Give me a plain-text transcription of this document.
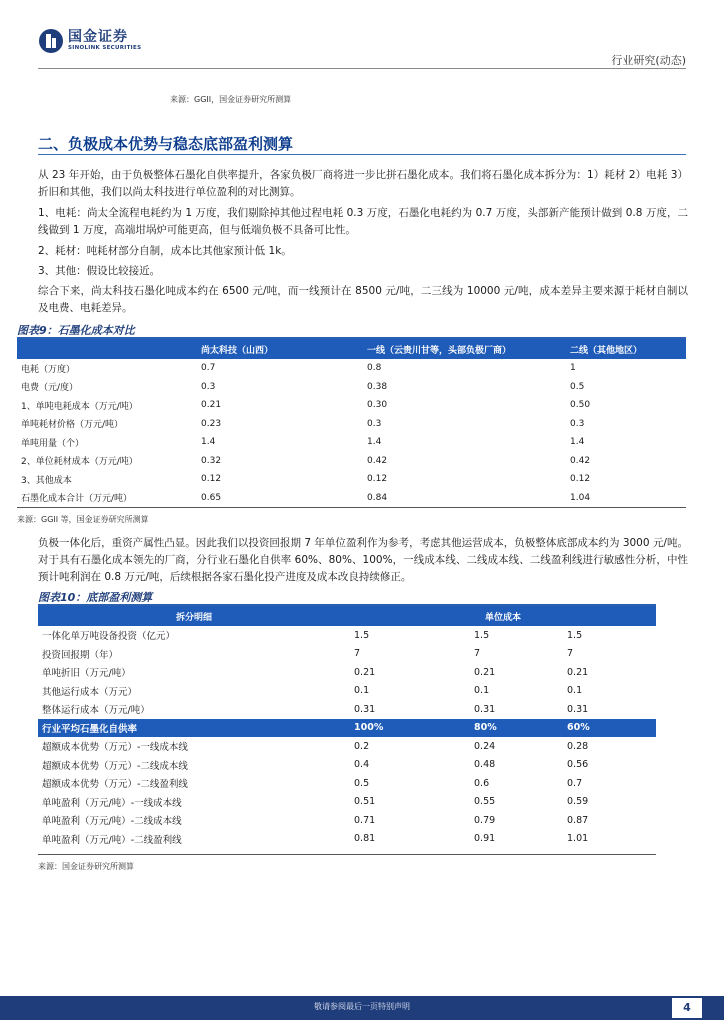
国金证券
SINOLINK SECURITIES
行业研究(动态)
来源：GGII，国金证券研究所测算
二、负极成本优势与稳态底部盈利测算
从 23 年开始，由于负极整体石墨化自供率提升，各家负极厂商将进一步比拼石墨化成本。我们将石墨化成本拆分为：1）耗材 2）电耗 3）折旧和其他，我们以尚太科技进行单位盈利的对比测算。
1、电耗：尚太全流程电耗约为 1 万度，我们剔除掉其他过程电耗 0.3 万度，石墨化电耗约为 0.7 万度，头部新产能预计做到 0.8 万度，二线做到 1 万度，高端坩埚炉可能更高，但与低端负极不具备可比性。
2、耗材：吨耗材部分自制，成本比其他家预计低 1k。
3、其他：假设比较接近。
综合下来，尚太科技石墨化吨成本约在 6500 元/吨，而一线预计在 8500 元/吨，二三线为 10000 元/吨，成本差异主要来源于耗材自制以及电费、电耗差异。
图表9：石墨化成本对比
	尚太科技（山西）	一线（云贵川甘等，头部负极厂商）	二线（其他地区）
电耗（万度）	0.7	0.8	1
电费（元/度）	0.3	0.38	0.5
1、单吨电耗成本（万元/吨）	0.21	0.30	0.50
单吨耗材价格（万元/吨）	0.23	0.3	0.3
单吨用量（个）	1.4	1.4	1.4
2、单位耗材成本（万元/吨）	0.32	0.42	0.42
3、其他成本	0.12	0.12	0.12
石墨化成本合计（万元/吨）	0.65	0.84	1.04
来源：GGII 等，国金证券研究所测算
负极一体化后，重资产属性凸显。因此我们以投资回报期 7 年单位盈利作为参考，考虑其他运营成本，负极整体底部成本约为 3000 元/吨。对于具有石墨化成本领先的厂商，分行业石墨化自供率 60%、80%、100%，一线成本线、二线成本线、二线盈利线进行敏感性分析，中性预计吨利润在 0.8 万元/吨，后续根据各家石墨化投产进度及成本改良持续修正。
图表10：底部盈利测算
拆分明细	单位成本		
一体化单万吨设备投资（亿元）	1.5	1.5	1.5
投资回报期（年）	7	7	7
单吨折旧（万元/吨）	0.21	0.21	0.21
其他运行成本（万元）	0.1	0.1	0.1
整体运行成本（万元/吨）	0.31	0.31	0.31
行业平均石墨化自供率	100%	80%	60%
超额成本优势（万元）-一线成本线	0.2	0.24	0.28
超额成本优势（万元）-二线成本线	0.4	0.48	0.56
超额成本优势（万元）-二线盈利线	0.5	0.6	0.7
单吨盈利（万元/吨）-一线成本线	0.51	0.55	0.59
单吨盈利（万元/吨）-二线成本线	0.71	0.79	0.87
单吨盈利（万元/吨）-二线盈利线	0.81	0.91	1.01
来源：国金证券研究所测算
敬请参阅最后一页特别声明	4
